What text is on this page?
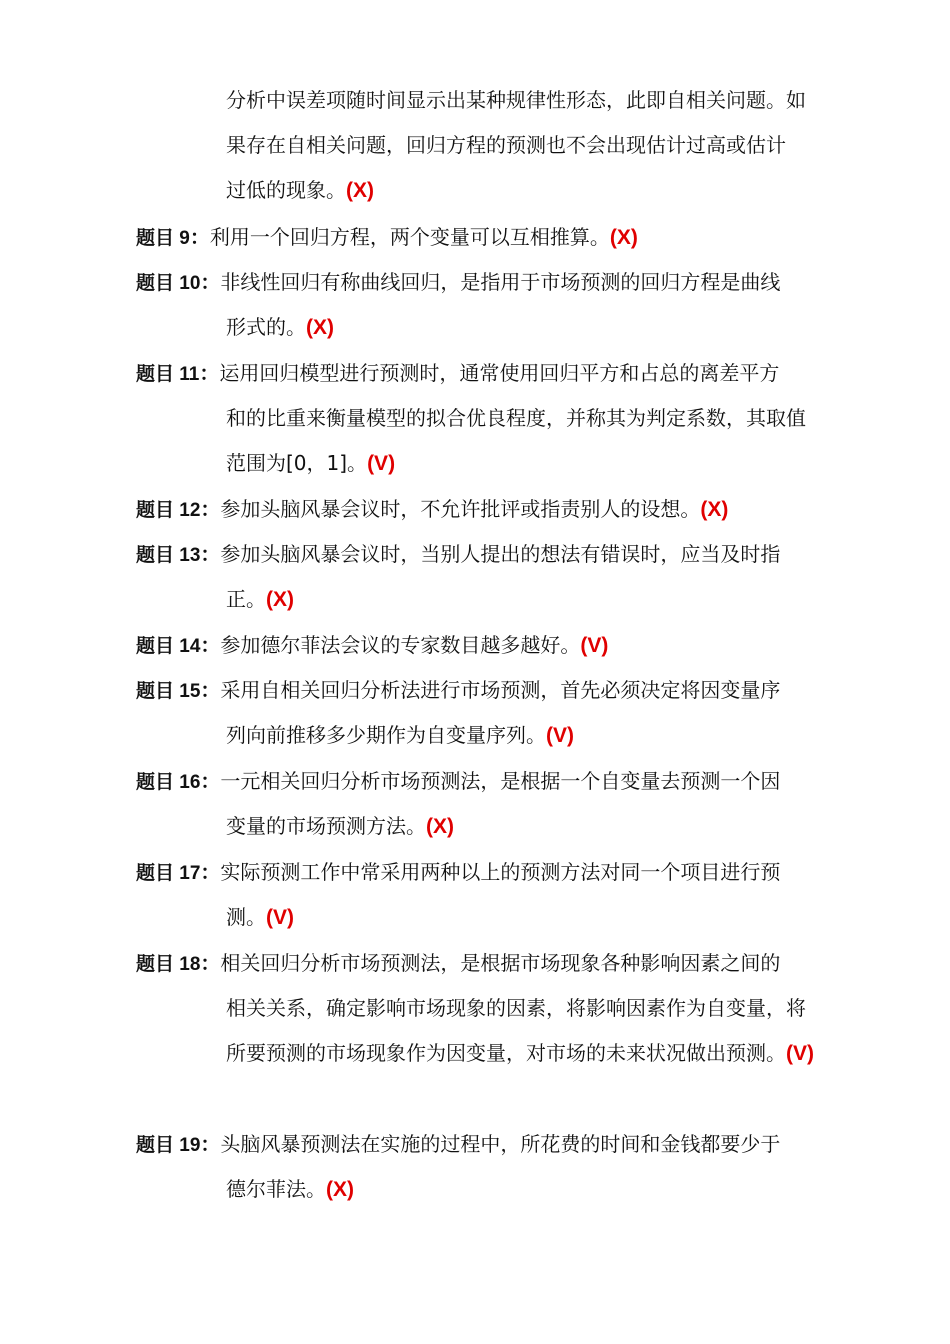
分析中误差项随时间显示出某种规律性形态，此即自相关问题。如
果存在自相关问题，回归方程的预测也不会出现估计过高或估计
过低的现象。(X)
题目 9：利用一个回归方程，两个变量可以互相推算。(X)
题目 10：非线性回归有称曲线回归，是指用于市场预测的回归方程是曲线
形式的。(X)
题目 11：运用回归模型进行预测时，通常使用回归平方和占总的离差平方
和的比重来衡量模型的拟合优良程度，并称其为判定系数，其取值
范围为[0，1]。(V)
题目 12：参加头脑风暴会议时，不允许批评或指责别人的设想。(X)
题目 13：参加头脑风暴会议时，当别人提出的想法有错误时，应当及时指
正。(X)
题目 14：参加德尔菲法会议的专家数目越多越好。(V)
题目 15：采用自相关回归分析法进行市场预测，首先必须决定将因变量序
列向前推移多少期作为自变量序列。(V)
题目 16：一元相关回归分析市场预测法，是根据一个自变量去预测一个因
变量的市场预测方法。(X)
题目 17：实际预测工作中常采用两种以上的预测方法对同一个项目进行预
测。(V)
题目 18：相关回归分析市场预测法，是根据市场现象各种影响因素之间的
相关关系，确定影响市场现象的因素，将影响因素作为自变量，将
所要预测的市场现象作为因变量，对市场的未来状况做出预测。(V)
题目 19：头脑风暴预测法在实施的过程中，所花费的时间和金钱都要少于
德尔菲法。(X)
